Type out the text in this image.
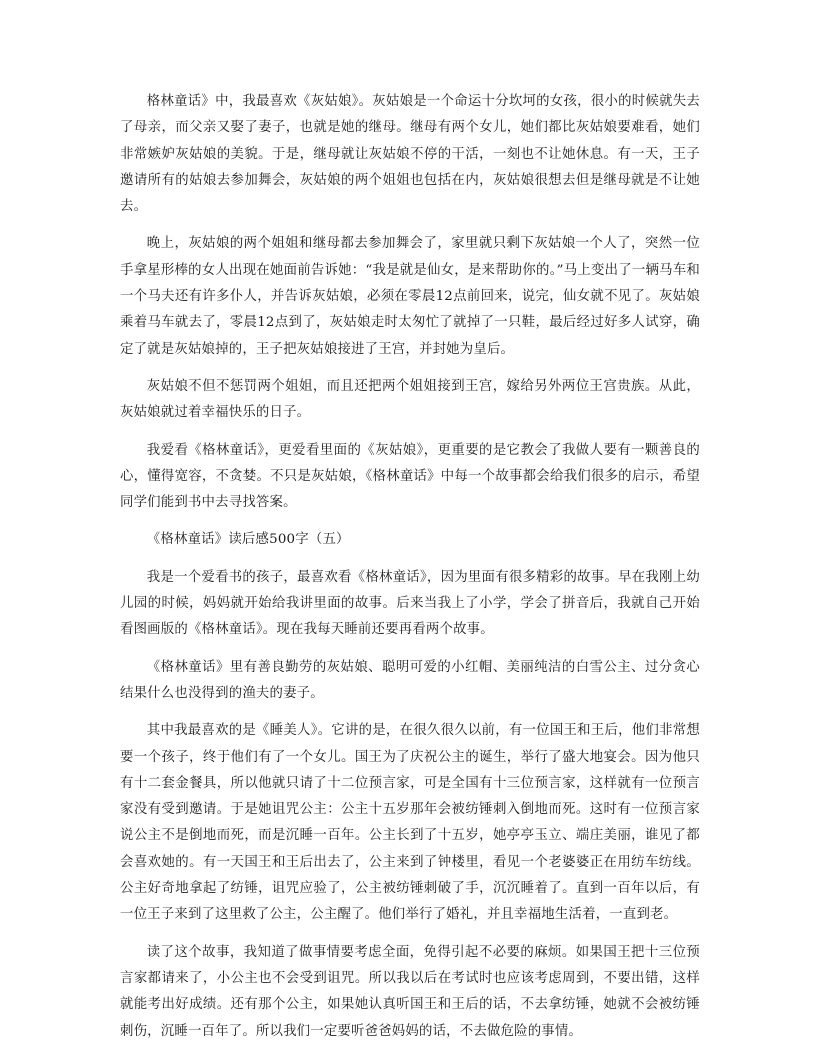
格林童话》中，我最喜欢《灰姑娘》。灰姑娘是一个命运十分坎坷的女孩，很小的时候就失去了母亲，而父亲又娶了妻子，也就是她的继母。继母有两个女儿，她们都比灰姑娘要难看，她们非常嫉妒灰姑娘的美貌。于是，继母就让灰姑娘不停的干活，一刻也不让她休息。有一天，王子邀请所有的姑娘去参加舞会，灰姑娘的两个姐姐也包括在内，灰姑娘很想去但是继母就是不让她去。

晚上，灰姑娘的两个姐姐和继母都去参加舞会了，家里就只剩下灰姑娘一个人了，突然一位手拿星形棒的女人出现在她面前告诉她：“我是就是仙女，是来帮助你的。”马上变出了一辆马车和一个马夫还有许多仆人，并告诉灰姑娘，必须在零晨12点前回来，说完，仙女就不见了。灰姑娘乘着马车就去了，零晨12点到了，灰姑娘走时太匆忙了就掉了一只鞋，最后经过好多人试穿，确定了就是灰姑娘掉的，王子把灰姑娘接进了王宫，并封她为皇后。

灰姑娘不但不惩罚两个姐姐，而且还把两个姐姐接到王宫，嫁给另外两位王宫贵族。从此，灰姑娘就过着幸福快乐的日子。

我爱看《格林童话》，更爱看里面的《灰姑娘》，更重要的是它教会了我做人要有一颗善良的心，懂得宽容，不贪婪。不只是灰姑娘，《格林童话》中每一个故事都会给我们很多的启示，希望同学们能到书中去寻找答案。

《格林童话》读后感500字（五）

我是一个爱看书的孩子，最喜欢看《格林童话》，因为里面有很多精彩的故事。早在我刚上幼儿园的时候，妈妈就开始给我讲里面的故事。后来当我上了小学，学会了拼音后，我就自己开始看图画版的《格林童话》。现在我每天睡前还要再看两个故事。

《格林童话》里有善良勤劳的灰姑娘、聪明可爱的小红帽、美丽纯洁的白雪公主、过分贪心结果什么也没得到的渔夫的妻子。

其中我最喜欢的是《睡美人》。它讲的是，在很久很久以前，有一位国王和王后，他们非常想要一个孩子，终于他们有了一个女儿。国王为了庆祝公主的诞生，举行了盛大地宴会。因为他只有十二套金餐具，所以他就只请了十二位预言家，可是全国有十三位预言家，这样就有一位预言家没有受到邀请。于是她诅咒公主：公主十五岁那年会被纺锤刺入倒地而死。这时有一位预言家说公主不是倒地而死，而是沉睡一百年。公主长到了十五岁，她亭亭玉立、端庄美丽，谁见了都会喜欢她的。有一天国王和王后出去了，公主来到了钟楼里，看见一个老婆婆正在用纺车纺线。公主好奇地拿起了纺锤，诅咒应验了，公主被纺锤刺破了手，沉沉睡着了。直到一百年以后，有一位王子来到了这里救了公主，公主醒了。他们举行了婚礼，并且幸福地生活着，一直到老。

读了这个故事，我知道了做事情要考虑全面，免得引起不必要的麻烦。如果国王把十三位预言家都请来了，小公主也不会受到诅咒。所以我以后在考试时也应该考虑周到，不要出错，这样就能考出好成绩。还有那个公主，如果她认真听国王和王后的话，不去拿纺锤，她就不会被纺锤刺伤，沉睡一百年了。所以我们一定要听爸爸妈妈的话，不去做危险的事情。
